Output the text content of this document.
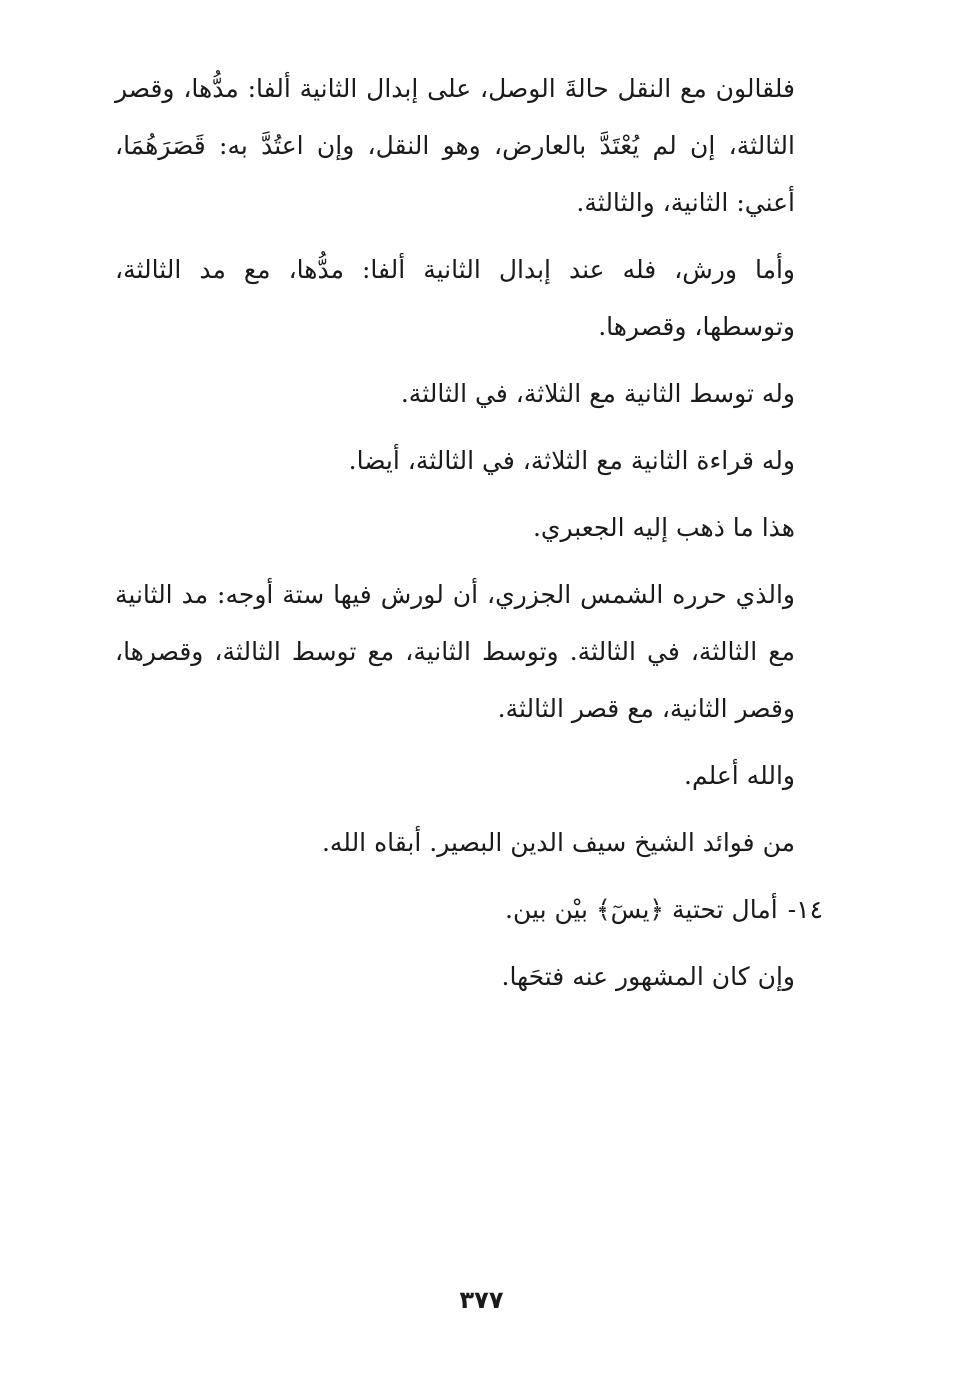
فلقالون مع النقل حالةَ الوصل، على إبدال الثانية ألفا: مدُّها، وقصر الثالثة، إن لم يُعْتَدَّ بالعارض، وهو النقل، وإن اعتُدَّ به: قَصَرَهُمَا، أعني: الثانية، والثالثة.

وأما ورش، فله عند إبدال الثانية ألفا: مدُّها، مع مد الثالثة، وتوسطها، وقصرها.

وله توسط الثانية مع الثلاثة، في الثالثة.

وله قراءة الثانية مع الثلاثة، في الثالثة، أيضا.

هذا ما ذهب إليه الجعبري.

والذي حرره الشمس الجزري، أن لورش فيها ستة أوجه: مد الثانية مع الثالثة، في الثالثة. وتوسط الثانية، مع توسط الثالثة، وقصرها، وقصر الثانية، مع قصر الثالثة.

والله أعلم.

من فوائد الشيخ سيف الدين البصير. أبقاه الله.

١٤-أمال تحتية ﴿يسٓ﴾ بيْن بين.

وإن كان المشهور عنه فتحَها.

٣٧٧
